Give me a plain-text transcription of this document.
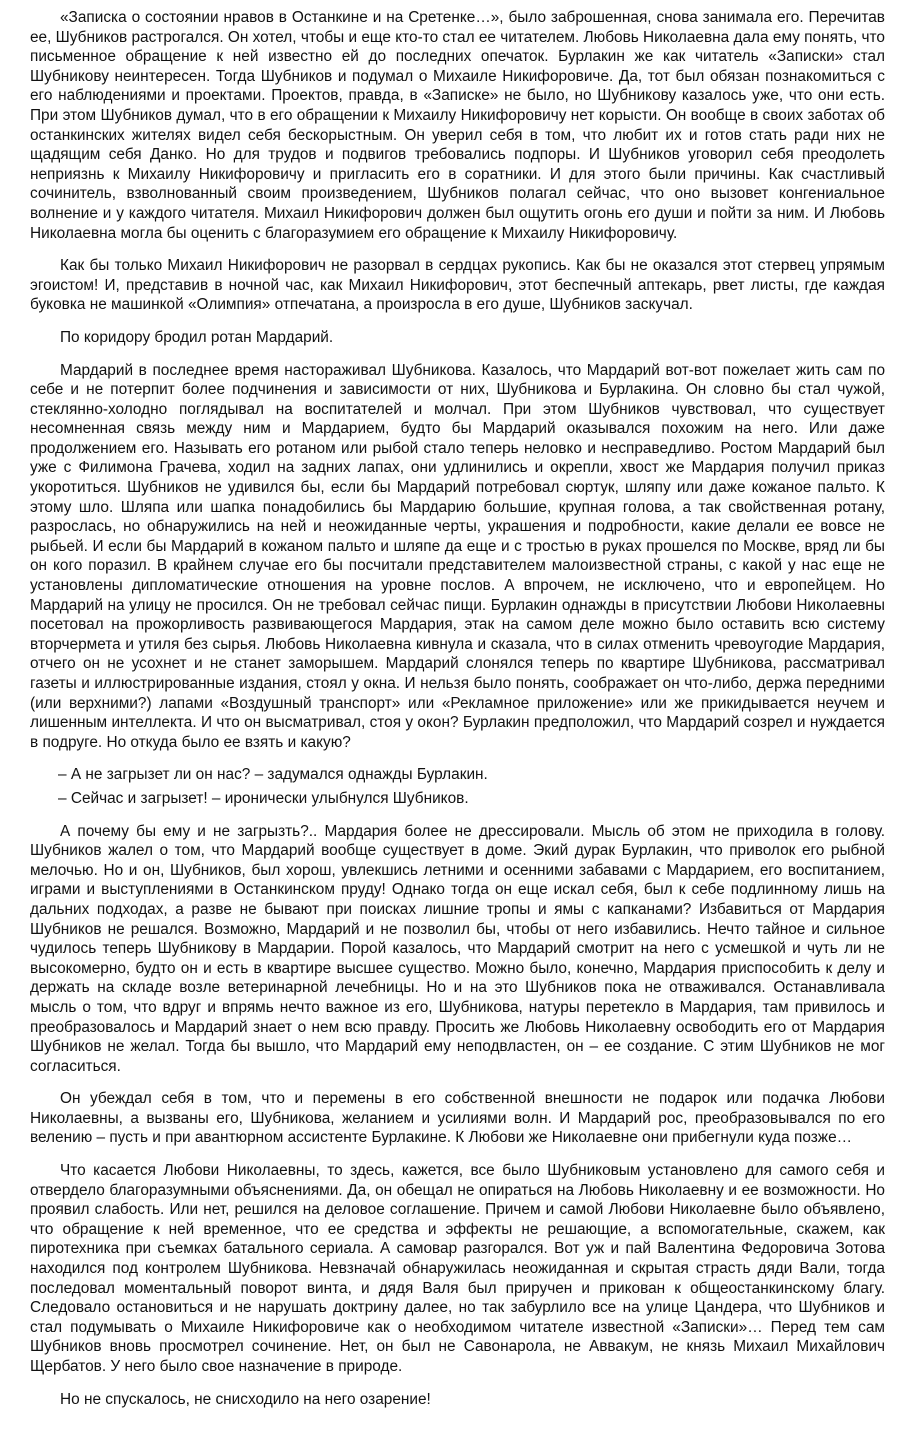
«Записка о состоянии нравов в Останкине и на Сретенке…», было заброшенная, снова занимала его. Перечитав ее, Шубников растрогался. Он хотел, чтобы и еще кто-то стал ее читателем. Любовь Николаевна дала ему понять, что письменное обращение к ней известно ей до последних опечаток. Бурлакин же как читатель «Записки» стал Шубникову неинтересен. Тогда Шубников и подумал о Михаиле Никифоровиче. Да, тот был обязан познакомиться с его наблюдениями и проектами. Проектов, правда, в «Записке» не было, но Шубникову казалось уже, что они есть. При этом Шубников думал, что в его обращении к Михаилу Никифоровичу нет корысти. Он вообще в своих заботах об останкинских жителях видел себя бескорыстным. Он уверил себя в том, что любит их и готов стать ради них не щадящим себя Данко. Но для трудов и подвигов требовались подпоры. И Шубников уговорил себя преодолеть неприязнь к Михаилу Никифоровичу и пригласить его в соратники. И для этого были причины. Как счастливый сочинитель, взволнованный своим произведением, Шубников полагал сейчас, что оно вызовет конгениальное волнение и у каждого читателя. Михаил Никифорович должен был ощутить огонь его души и пойти за ним. И Любовь Николаевна могла бы оценить с благоразумием его обращение к Михаилу Никифоровичу.

Как бы только Михаил Никифорович не разорвал в сердцах рукопись. Как бы не оказался этот стервец упрямым эгоистом! И, представив в ночной час, как Михаил Никифорович, этот беспечный аптекарь, рвет листы, где каждая буковка не машинкой «Олимпия» отпечатана, а произросла в его душе, Шубников заскучал.

По коридору бродил ротан Мардарий.

Мардарий в последнее время настораживал Шубникова. Казалось, что Мардарий вот-вот пожелает жить сам по себе и не потерпит более подчинения и зависимости от них, Шубникова и Бурлакина. Он словно бы стал чужой, стеклянно-холодно поглядывал на воспитателей и молчал. При этом Шубников чувствовал, что существует несомненная связь между ним и Мардарием, будто бы Мардарий оказывался похожим на него. Или даже продолжением его. Называть его ротаном или рыбой стало теперь неловко и несправедливо. Ростом Мардарий был уже с Филимона Грачева, ходил на задних лапах, они удлинились и окрепли, хвост же Мардария получил приказ укоротиться. Шубников не удивился бы, если бы Мардарий потребовал сюртук, шляпу или даже кожаное пальто. К этому шло. Шляпа или шапка понадобились бы Мардарию большие, крупная голова, а так свойственная ротану, разрослась, но обнаружились на ней и неожиданные черты, украшения и подробности, какие делали ее вовсе не рыбьей. И если бы Мардарий в кожаном пальто и шляпе да еще и с тростью в руках прошелся по Москве, вряд ли бы он кого поразил. В крайнем случае его бы посчитали представителем малоизвестной страны, с какой у нас еще не установлены дипломатические отношения на уровне послов. А впрочем, не исключено, что и европейцем. Но Мардарий на улицу не просился. Он не требовал сейчас пищи. Бурлакин однажды в присутствии Любови Николаевны посетовал на прожорливость развивающегося Мардария, этак на самом деле можно было оставить всю систему вторчермета и утиля без сырья. Любовь Николаевна кивнула и сказала, что в силах отменить чревоугодие Мардария, отчего он не усохнет и не станет заморышем. Мардарий слонялся теперь по квартире Шубникова, рассматривал газеты и иллюстрированные издания, стоял у окна. И нельзя было понять, соображает он что-либо, держа передними (или верхними?) лапами «Воздушный транспорт» или «Рекламное приложение» или же прикидывается неучем и лишенным интеллекта. И что он высматривал, стоя у окон? Бурлакин предположил, что Мардарий созрел и нуждается в подруге. Но откуда было ее взять и какую?

– А не загрызет ли он нас? – задумался однажды Бурлакин.

– Сейчас и загрызет! – иронически улыбнулся Шубников.

А почему бы ему и не загрызть?.. Мардария более не дрессировали. Мысль об этом не приходила в голову. Шубников жалел о том, что Мардарий вообще существует в доме. Экий дурак Бурлакин, что приволок его рыбной мелочью. Но и он, Шубников, был хорош, увлекшись летними и осенними забавами с Мардарием, его воспитанием, играми и выступлениями в Останкинском пруду! Однако тогда он еще искал себя, был к себе подлинному лишь на дальних подходах, а разве не бывают при поисках лишние тропы и ямы с капканами? Избавиться от Мардария Шубников не решался. Возможно, Мардарий и не позволил бы, чтобы от него избавились. Нечто тайное и сильное чудилось теперь Шубникову в Мардарии. Порой казалось, что Мардарий смотрит на него с усмешкой и чуть ли не высокомерно, будто он и есть в квартире высшее существо. Можно было, конечно, Мардария приспособить к делу и держать на складе возле ветеринарной лечебницы. Но и на это Шубников пока не отваживался. Останавливала мысль о том, что вдруг и впрямь нечто важное из его, Шубникова, натуры перетекло в Мардария, там привилось и преобразовалось и Мардарий знает о нем всю правду. Просить же Любовь Николаевну освободить его от Мардария Шубников не желал. Тогда бы вышло, что Мардарий ему неподвластен, он – ее создание. С этим Шубников не мог согласиться.

Он убеждал себя в том, что и перемены в его собственной внешности не подарок или подачка Любови Николаевны, а вызваны его, Шубникова, желанием и усилиями волн. И Мардарий рос, преобразовывался по его велению – пусть и при авантюрном ассистенте Бурлакине. К Любови же Николаевне они прибегнули куда позже…

Что касается Любови Николаевны, то здесь, кажется, все было Шубниковым установлено для самого себя и отвердело благоразумными объяснениями. Да, он обещал не опираться на Любовь Николаевну и ее возможности. Но проявил слабость. Или нет, решился на деловое соглашение. Причем и самой Любови Николаевне было объявлено, что обращение к ней временное, что ее средства и эффекты не решающие, а вспомогательные, скажем, как пиротехника при съемках батального сериала. А самовар разгорался. Вот уж и пай Валентина Федоровича Зотова находился под контролем Шубникова. Невзначай обнаружилась неожиданная и скрытая страсть дяди Вали, тогда последовал моментальный поворот винта, и дядя Валя был приручен и прикован к общеостанкинскому благу. Следовало остановиться и не нарушать доктрину далее, но так забурлило все на улице Цандера, что Шубников и стал подумывать о Михаиле Никифоровиче как о необходимом читателе известной «Записки»… Перед тем сам Шубников вновь просмотрел сочинение. Нет, он был не Савонарола, не Аввакум, не князь Михаил Михайлович Щербатов. У него было свое назначение в природе.

Но не спускалось, не снисходило на него озарение!
